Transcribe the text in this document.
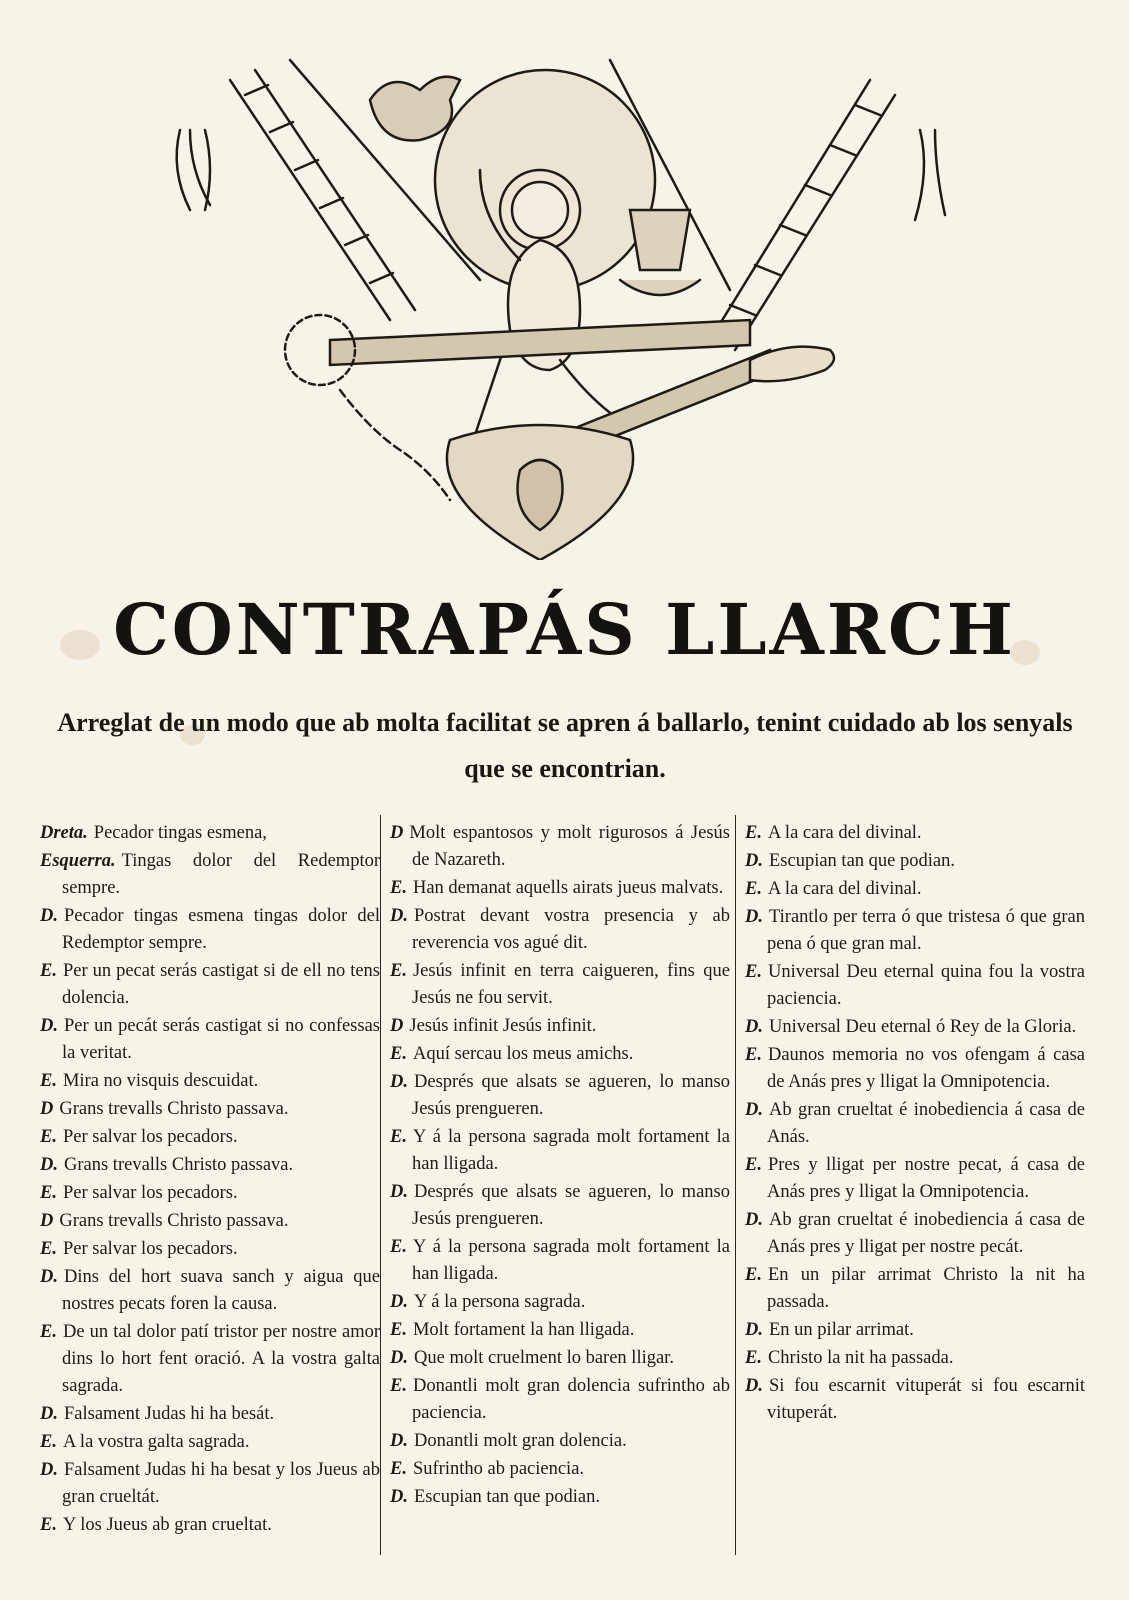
CONTRAPÁS LLARCH
Arreglat de un modo que ab molta facilitat se apren á ballarlo, tenint cuidado ab los senyals que se encontrian.

Dreta. Pecador tingas esmena,

Esquerra. Tingas dolor del Redemptor sempre.

D. Pecador tingas esmena tingas dolor del Redemptor sempre.

E. Per un pecat serás castigat si de ell no tens dolencia.

D. Per un pecát serás castigat si no confessas la veritat.

E. Mira no visquis descuidat.

D Grans trevalls Christo passava.

E. Per salvar los pecadors.

D. Grans trevalls Christo passava.

E. Per salvar los pecadors.

D Grans trevalls Christo passava.

E. Per salvar los pecadors.

D. Dins del hort suava sanch y aigua que nostres pecats foren la causa.

E. De un tal dolor patí tristor per nostre amor dins lo hort fent oració. A la vostra galta sagrada.

D. Falsament Judas hi ha besát.

E. A la vostra galta sagrada.

D. Falsament Judas hi ha besat y los Jueus ab gran crueltát.

E. Y los Jueus ab gran crueltat.

D Molt espantosos y molt rigurosos á Jesús de Nazareth.

E. Han demanat aquells airats jueus malvats.

D. Postrat devant vostra presencia y ab reverencia vos agué dit.

E. Jesús infinit en terra caigueren, fins que Jesús ne fou servit.

D Jesús infinit Jesús infinit.

E. Aquí sercau los meus amichs.

D. Després que alsats se agueren, lo manso Jesús prengueren.

E. Y á la persona sagrada molt fortament la han lligada.

D. Després que alsats se agueren, lo manso Jesús prengueren.

E. Y á la persona sagrada molt fortament la han lligada.

D. Y á la persona sagrada.

E. Molt fortament la han lligada.

D. Que molt cruelment lo baren lligar.

E. Donantli molt gran dolencia sufrintho ab paciencia.

D. Donantli molt gran dolencia.

E. Sufrintho ab paciencia.

D. Escupian tan que podian.

E. A la cara del divinal.

D. Escupian tan que podian.

E. A la cara del divinal.

D. Tirantlo per terra ó que tristesa ó que gran pena ó que gran mal.

E. Universal Deu eternal quina fou la vostra paciencia.

D. Universal Deu eternal ó Rey de la Gloria.

E. Daunos memoria no vos ofengam á casa de Anás pres y lligat la Omnipotencia.

D. Ab gran crueltat é inobediencia á casa de Anás.

E. Pres y lligat per nostre pecat, á casa de Anás pres y lligat la Omnipotencia.

D. Ab gran crueltat é inobediencia á casa de Anás pres y lligat per nostre pecát.

E. En un pilar arrimat Christo la nit ha passada.

D. En un pilar arrimat.

E. Christo la nit ha passada.

D. Si fou escarnit vituperát si fou escarnit vituperát.
